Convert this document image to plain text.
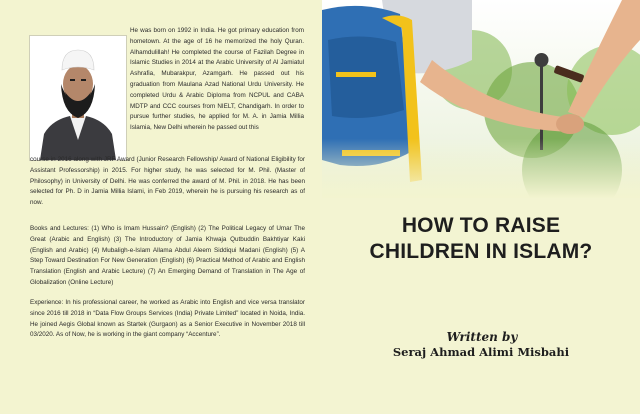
He was born on 1992 in India. He got primary education from hometown. At the age of 16 he memorized the holy Quran. Alhamdulillah! He completed the course of Fazilah Degree in Islamic Studies in 2014 at the Arabic University of Al Jamiatul Ashrafia, Mubarakpur, Azamgarh. He passed out his graduation from Maulana Azad National Urdu University. He completed Urdu & Arabic Diploma from NCPUL and CABA MDTP and CCC courses from NIELT, Chandigarh. In order to pursue further studies, he applied for M. A. in Jamia Millia Islamia, New Delhi wherein he passed out this

course in 2016 along with JRF Award (Junior Research Fellowship/ Award of National Eligibility for Assistant Professorship) in 2015. For higher study, he was selected for M. Phil. (Master of Philosophy) in University of Delhi. He was conferred the award of M. Phil. in 2018. He has been selected for Ph. D in Jamia Millia Islami, in Feb 2019, wherein he is pursuing his research as of now.

Books and Lectures: (1) Who is Imam Hussain? (English) (2) The Political Legacy of Umar The Great (Arabic and English) (3) The Introductory of Jamia Khwaja Qutbuddin Bakhtiyar Kaki (English and Arabic) (4) Mubaligh-e-Islam Allama Abdul Aleem Siddiqui Madani (English) (5) A Step Toward Destination For New Generation (English) (6) Practical Method of Arabic and English Translation (English and Arabic Lecture) (7) An Emerging Demand of Translation in The Age of Globalization (Online Lecture)

Experience: In his professional career, he worked as Arabic into English and vice versa translator since 2016 till 2018 in “Data Flow Groups Services (India) Private Limited” located in Noida, India. He joined Aegis Global known as Startek (Gurgaon) as a Senior Executive in November 2018 till 03/2020. As of Now, he is working in the giant company “Accenture”.

HOW TO RAISE

CHILDREN IN ISLAM?

Written by

Seraj Ahmad Alimi Misbahi
